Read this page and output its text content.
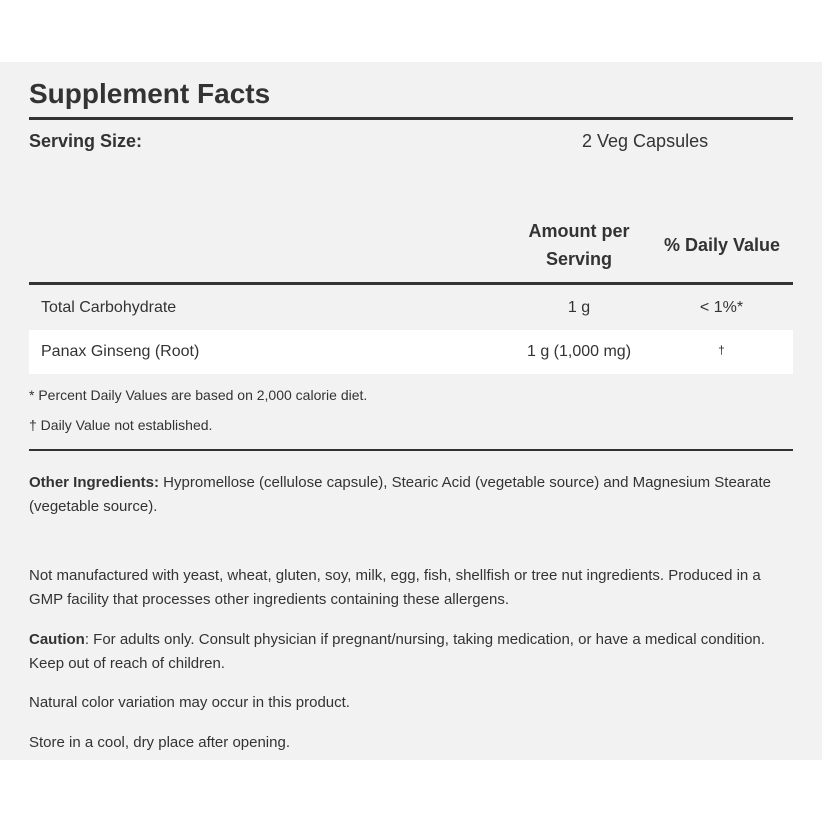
Supplement Facts
Serving Size:	2 Veg Capsules
Amount per Serving
% Daily Value
Total Carbohydrate	1 g	< 1%*
Panax Ginseng (Root)	1 g (1,000 mg)	†
* Percent Daily Values are based on 2,000 calorie diet.
† Daily Value not established.
Other Ingredients: Hypromellose (cellulose capsule), Stearic Acid (vegetable source) and Magnesium Stearate (vegetable source).
Not manufactured with yeast, wheat, gluten, soy, milk, egg, fish, shellfish or tree nut ingredients. Produced in a GMP facility that processes other ingredients containing these allergens.
Caution: For adults only. Consult physician if pregnant/nursing, taking medication, or have a medical condition. Keep out of reach of children.
Natural color variation may occur in this product.
Store in a cool, dry place after opening.
